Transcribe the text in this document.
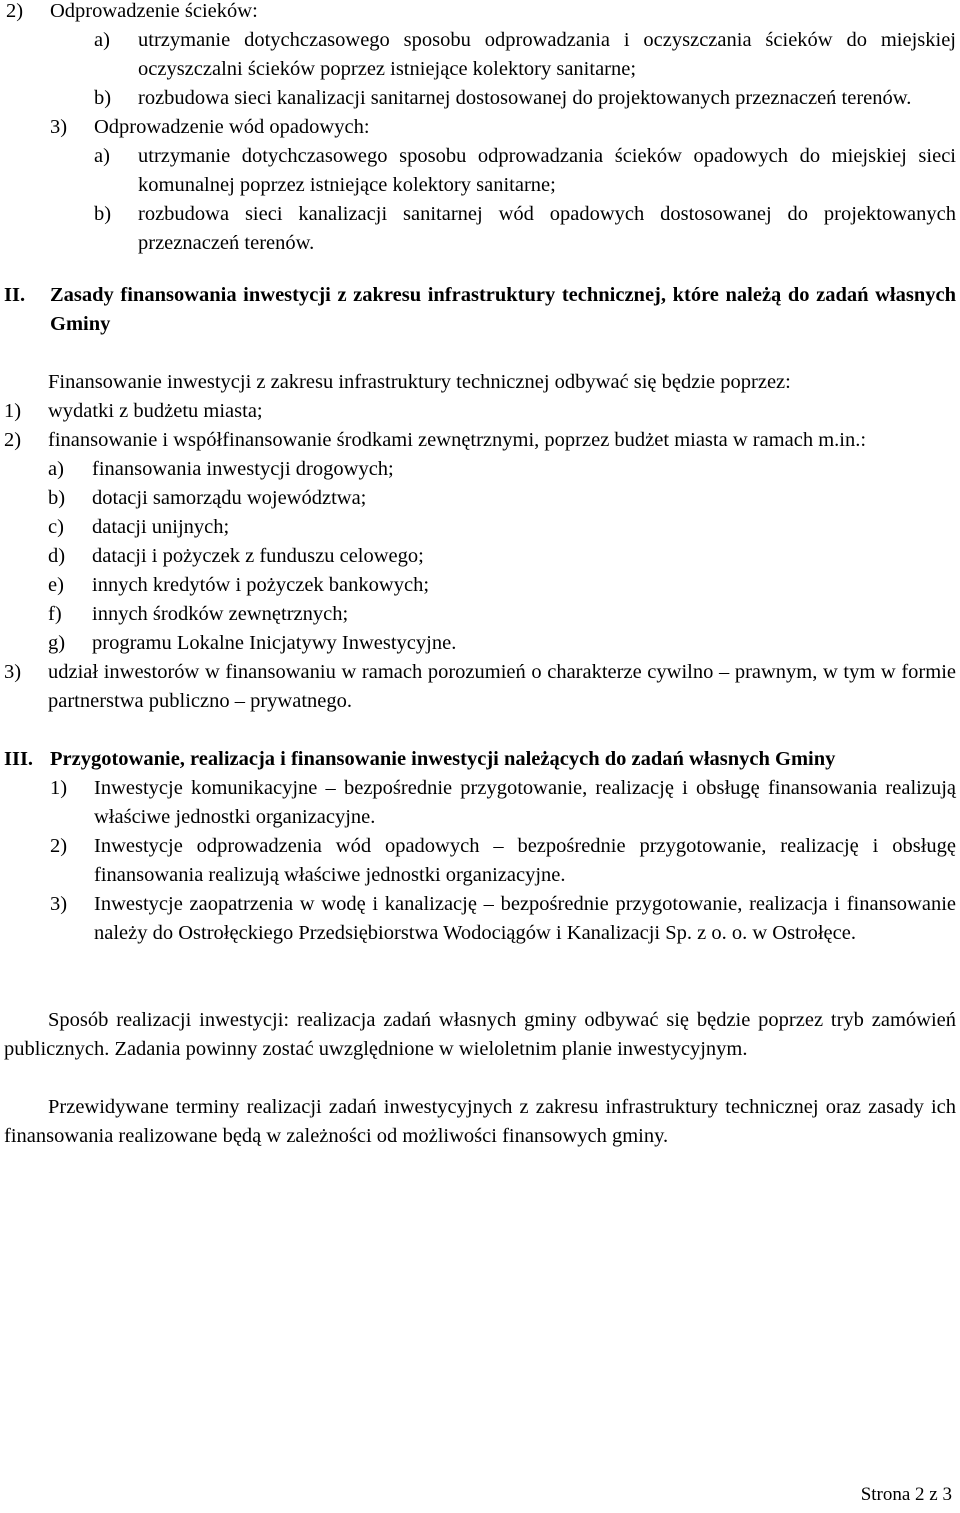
2)	Odprowadzenie ścieków:
a)	utrzymanie dotychczasowego sposobu odprowadzania i oczyszczania ścieków do miejskiej oczyszczalni ścieków poprzez istniejące kolektory sanitarne;
b)	rozbudowa sieci kanalizacji sanitarnej dostosowanej do projektowanych przeznaczeń terenów.
3)	Odprowadzenie wód opadowych:
a)	utrzymanie dotychczasowego sposobu odprowadzania ścieków opadowych do miejskiej sieci komunalnej poprzez istniejące kolektory sanitarne;
b)	rozbudowa sieci kanalizacji sanitarnej wód opadowych dostosowanej do projektowanych przeznaczeń terenów.
II.	Zasady finansowania inwestycji z zakresu infrastruktury technicznej, które należą do zadań własnych Gminy
Finansowanie inwestycji z zakresu infrastruktury technicznej odbywać się będzie poprzez:
1)	wydatki z budżetu miasta;
2)	finansowanie i współfinansowanie środkami zewnętrznymi, poprzez budżet miasta w ramach m.in.:
a)	finansowania inwestycji drogowych;
b)	dotacji samorządu województwa;
c)	datacji unijnych;
d)	datacji i pożyczek z funduszu celowego;
e)	innych kredytów i pożyczek bankowych;
f)	innych środków zewnętrznych;
g)	programu Lokalne Inicjatywy Inwestycyjne.
3)	udział inwestorów w finansowaniu w ramach porozumień o charakterze cywilno – prawnym, w tym w formie partnerstwa publiczno – prywatnego.
III. Przygotowanie, realizacja i finansowanie inwestycji należących do zadań własnych Gminy
1)	Inwestycje komunikacyjne – bezpośrednie przygotowanie, realizację i obsługę finansowania realizują właściwe jednostki organizacyjne.
2)	Inwestycje odprowadzenia wód opadowych – bezpośrednie przygotowanie, realizację i obsługę finansowania realizują właściwe jednostki organizacyjne.
3)	Inwestycje zaopatrzenia w wodę i kanalizację – bezpośrednie przygotowanie, realizacja i finansowanie należy do Ostrołęckiego Przedsiębiorstwa Wodociągów i Kanalizacji Sp. z o. o. w Ostrołęce.
Sposób realizacji inwestycji: realizacja zadań własnych gminy odbywać się będzie poprzez tryb zamówień publicznych. Zadania powinny zostać uwzględnione w wieloletnim planie inwestycyjnym.
Przewidywane terminy realizacji zadań inwestycyjnych z zakresu infrastruktury technicznej oraz zasady ich finansowania realizowane będą w zależności od możliwości finansowych gminy.
Strona 2 z 3
